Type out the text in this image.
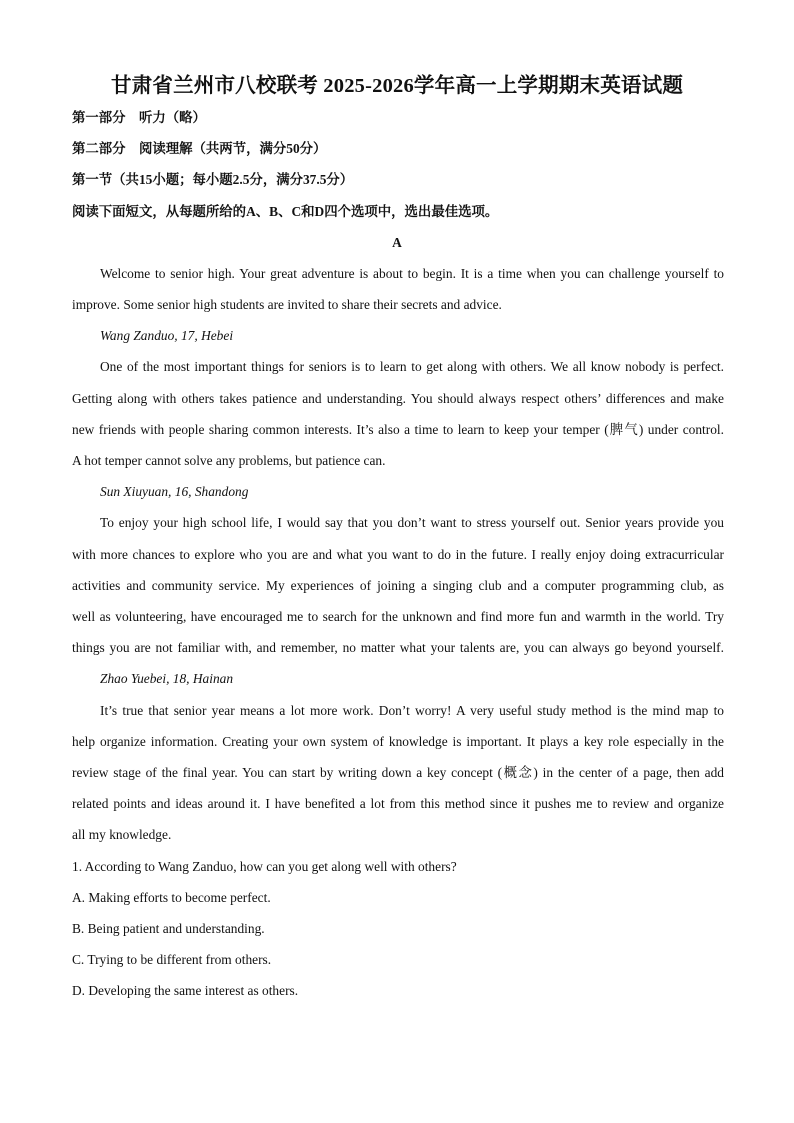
甘肃省兰州市八校联考 2025-2026学年高一上学期期末英语试题
第一部分　听力（略）
第二部分　阅读理解（共两节，满分50分）
第一节（共15小题；每小题2.5分，满分37.5分）
阅读下面短文，从每题所给的A、B、C和D四个选项中，选出最佳选项。
A
Welcome to senior high. Your great adventure is about to begin. It is a time when you can challenge yourself to
improve. Some senior high students are invited to share their secrets and advice.
Wang Zanduo, 17, Hebei
One of the most important things for seniors is to learn to get along with others. We all know nobody is perfect.
Getting along with others takes patience and understanding. You should always respect others’ differences and make
new friends with people sharing common interests. It’s also a time to learn to keep your temper (脾气) under control.
A hot temper cannot solve any problems, but patience can.
Sun Xiuyuan, 16, Shandong
To enjoy your high school life, I would say that you don’t want to stress yourself out. Senior years provide you
with more chances to explore who you are and what you want to do in the future. I really enjoy doing extracurricular
activities and community service. My experiences of joining a singing club and a computer programming club, as
well as volunteering, have encouraged me to search for the unknown and find more fun and warmth in the world. Try
things you are not familiar with, and remember, no matter what your talents are, you can always go beyond yourself.
Zhao Yuebei, 18, Hainan
It’s true that senior year means a lot more work. Don’t worry! A very useful study method is the mind map to
help organize information. Creating your own system of knowledge is important. It plays a key role especially in the
review stage of the final year. You can start by writing down a key concept (概念) in the center of a page, then add
related points and ideas around it. I have benefited a lot from this method since it pushes me to review and organize
all my knowledge.
1. According to Wang Zanduo, how can you get along well with others?
A. Making efforts to become perfect.
B. Being patient and understanding.
C. Trying to be different from others.
D. Developing the same interest as others.
